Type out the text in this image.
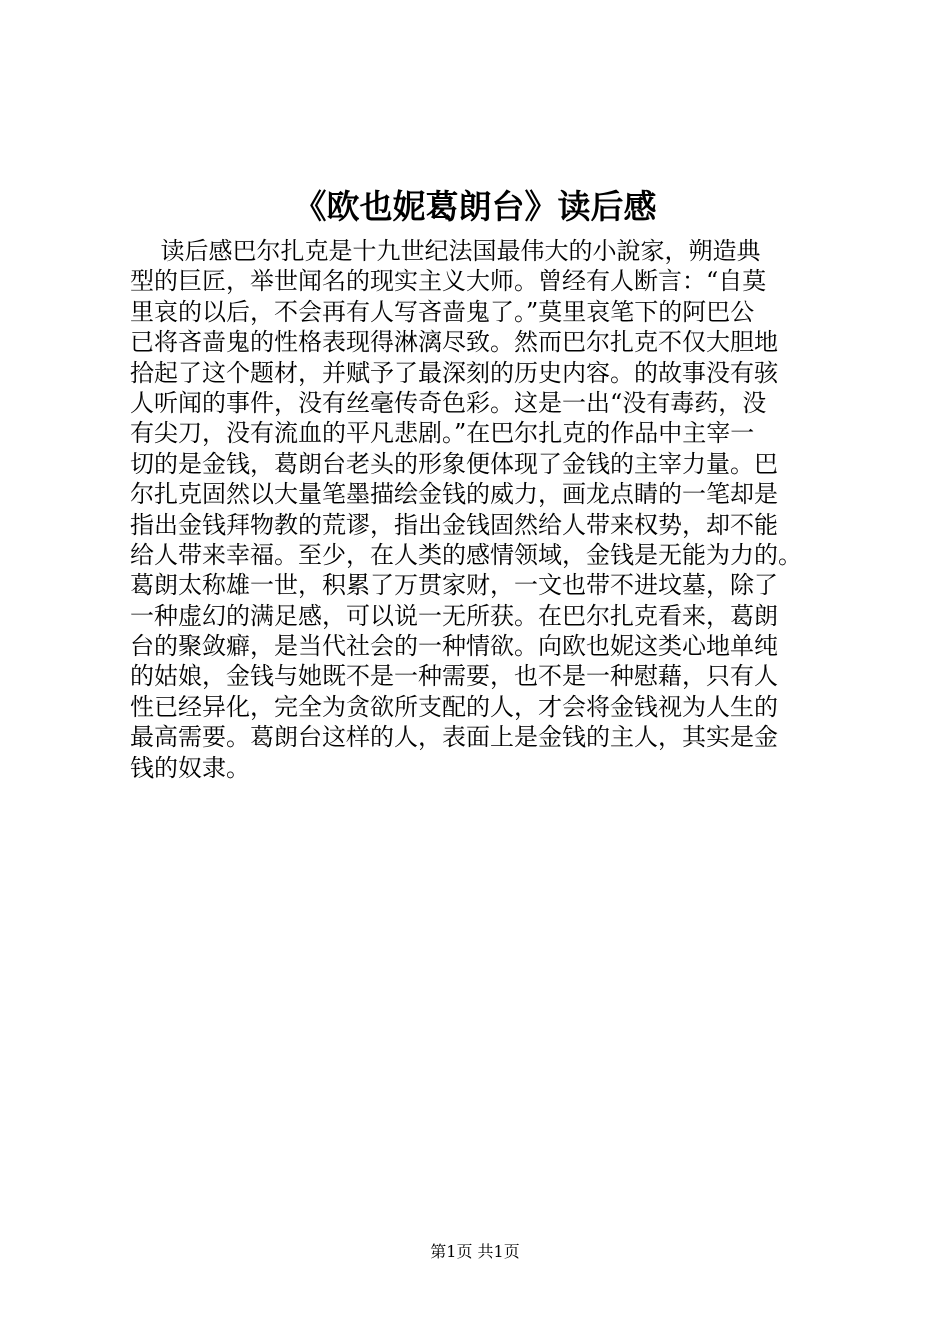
《欧也妮葛朗台》读后感
读后感巴尔扎克是十九世纪法国最伟大的小說家，朔造典
型的巨匠，举世闻名的现实主义大师。曾经有人断言：“自莫
里哀的以后，不会再有人写吝啬鬼了。”莫里哀笔下的阿巴公
已将吝啬鬼的性格表现得淋漓尽致。然而巴尔扎克不仅大胆地
拾起了这个题材，并赋予了最深刻的历史内容。的故事没有骇
人听闻的事件，没有丝毫传奇色彩。这是一出“没有毒药，没
有尖刀，没有流血的平凡悲剧。”在巴尔扎克的作品中主宰一
切的是金钱，葛朗台老头的形象便体现了金钱的主宰力量。巴
尔扎克固然以大量笔墨描绘金钱的威力，画龙点睛的一笔却是
指出金钱拜物教的荒谬，指出金钱固然给人带来权势，却不能
给人带来幸福。至少，在人类的感情领域，金钱是无能为力的。
葛朗太称雄一世，积累了万贯家财，一文也带不进坟墓，除了
一种虚幻的满足感，可以说一无所获。在巴尔扎克看来，葛朗
台的聚敛癖，是当代社会的一种情欲。向欧也妮这类心地单纯
的姑娘，金钱与她既不是一种需要，也不是一种慰藉，只有人
性已经异化，完全为贪欲所支配的人，才会将金钱视为人生的
最高需要。葛朗台这样的人，表面上是金钱的主人，其实是金
钱的奴隶。
第1页 共1页
